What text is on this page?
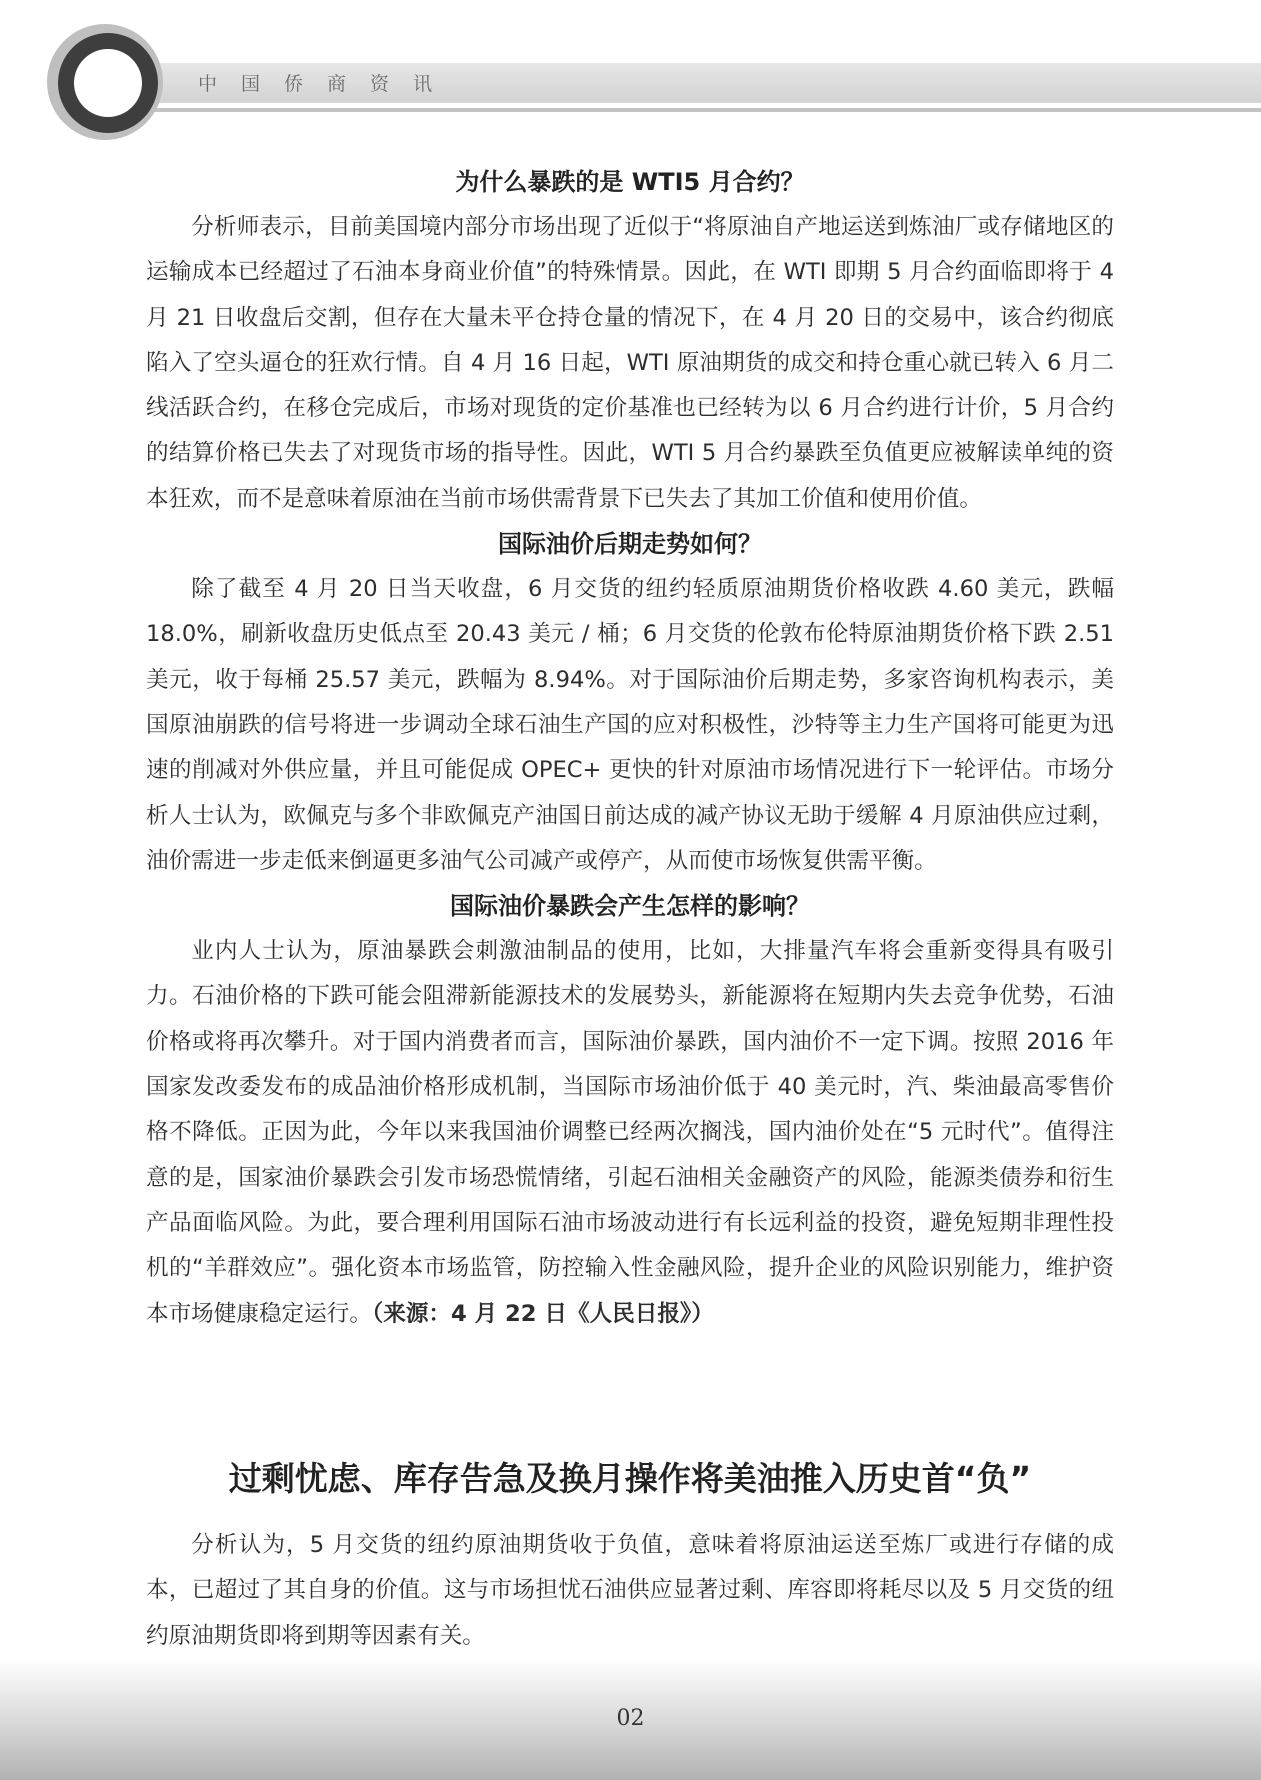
中国侨商资讯
为什么暴跌的是 WTI5 月合约？

分析师表示，目前美国境内部分市场出现了近似于“将原油自产地运送到炼油厂或存储地区的运输成本已经超过了石油本身商业价值”的特殊情景。因此，在 WTI 即期 5 月合约面临即将于 4 月 21 日收盘后交割，但存在大量未平仓持仓量的情况下，在 4 月 20 日的交易中，该合约彻底陷入了空头逼仓的狂欢行情。自 4 月 16 日起，WTI 原油期货的成交和持仓重心就已转入 6 月二线活跃合约，在移仓完成后，市场对现货的定价基准也已经转为以 6 月合约进行计价，5 月合约的结算价格已失去了对现货市场的指导性。因此，WTI 5 月合约暴跌至负值更应被解读单纯的资本狂欢，而不是意味着原油在当前市场供需背景下已失去了其加工价值和使用价值。

国际油价后期走势如何？

除了截至 4 月 20 日当天收盘，6 月交货的纽约轻质原油期货价格收跌 4.60 美元，跌幅 18.0%，刷新收盘历史低点至 20.43 美元 / 桶；6 月交货的伦敦布伦特原油期货价格下跌 2.51 美元，收于每桶 25.57 美元，跌幅为 8.94%。对于国际油价后期走势，多家咨询机构表示，美国原油崩跌的信号将进一步调动全球石油生产国的应对积极性，沙特等主力生产国将可能更为迅速的削减对外供应量，并且可能促成 OPEC+ 更快的针对原油市场情况进行下一轮评估。市场分析人士认为，欧佩克与多个非欧佩克产油国日前达成的减产协议无助于缓解 4 月原油供应过剩，油价需进一步走低来倒逼更多油气公司减产或停产，从而使市场恢复供需平衡。

国际油价暴跌会产生怎样的影响？

业内人士认为，原油暴跌会刺激油制品的使用，比如，大排量汽车将会重新变得具有吸引力。石油价格的下跌可能会阻滞新能源技术的发展势头，新能源将在短期内失去竞争优势，石油价格或将再次攀升。对于国内消费者而言，国际油价暴跌，国内油价不一定下调。按照 2016 年国家发改委发布的成品油价格形成机制，当国际市场油价低于 40 美元时，汽、柴油最高零售价格不降低。正因为此，今年以来我国油价调整已经两次搁浅，国内油价处在“5 元时代”。值得注意的是，国家油价暴跌会引发市场恐慌情绪，引起石油相关金融资产的风险，能源类债券和衍生产品面临风险。为此，要合理利用国际石油市场波动进行有长远利益的投资，避免短期非理性投机的“羊群效应”。强化资本市场监管，防控输入性金融风险，提升企业的风险识别能力，维护资本市场健康稳定运行。（来源：4 月 22 日《人民日报》）

过剩忧虑、库存告急及换月操作将美油推入历史首“负”

分析认为，5 月交货的纽约原油期货收于负值，意味着将原油运送至炼厂或进行存储的成本，已超过了其自身的价值。这与市场担忧石油供应显著过剩、库容即将耗尽以及 5 月交货的纽约原油期货即将到期等因素有关。

02
